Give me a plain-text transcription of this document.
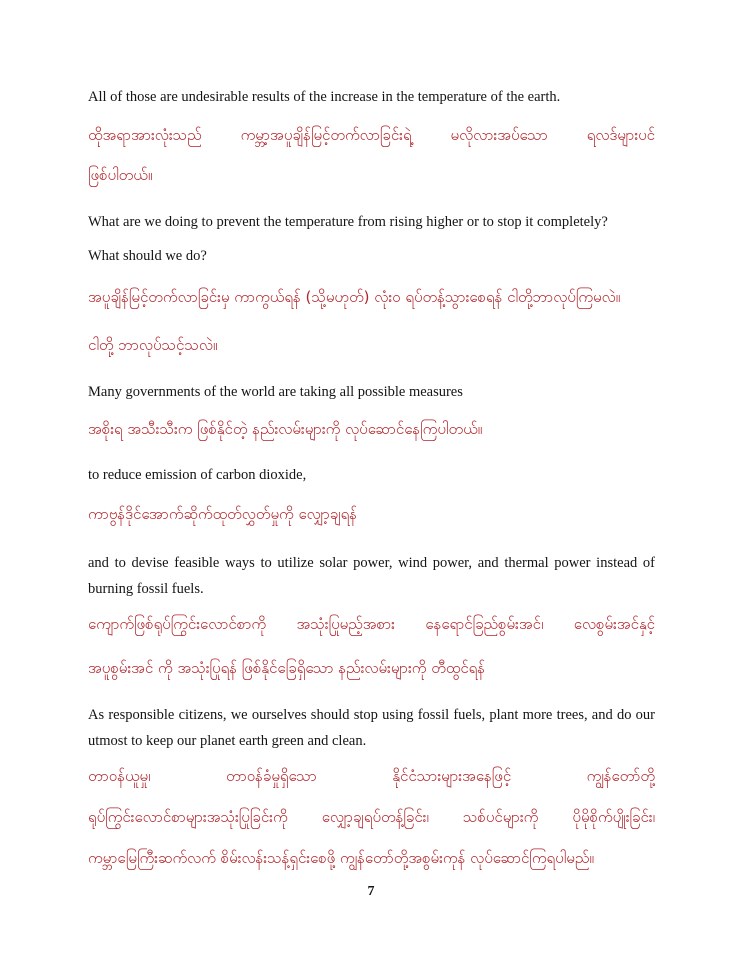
All of those are undesirable results of the increase in the temperature of the earth.

ထိုအရာအားလုံးသည် ကမ္ဘာ့အပူချိန်မြင့်တက်လာခြင်းရဲ့ မလိုလားအပ်သော ရလဒ်များပင်

ဖြစ်ပါတယ်။

What are we doing to prevent the temperature from rising higher or to stop it completely?

What should we do?

အပူချိန်မြင့်တက်လာခြင်းမှ ကာကွယ်ရန် (သို့မဟုတ်) လုံးဝ ရပ်တန့်သွားစေရန် ငါတို့ဘာလုပ်ကြမလဲ။

ငါတို့ ဘာလုပ်သင့်သလဲ။

Many governments of the world are taking all possible measures

အစိုးရ အသီးသီးက ဖြစ်နိုင်တဲ့ နည်းလမ်းများကို လုပ်ဆောင်နေကြပါတယ်။

to reduce emission of carbon dioxide,

ကာဗွန်ဒိုင်အောက်ဆိုက်ထုတ်လွှတ်မှုကို လျှော့ချရန်

and to devise feasible ways to utilize solar power, wind power, and thermal power instead of burning fossil fuels.

ကျောက်ဖြစ်ရုပ်ကြွင်းလောင်စာကို အသုံးပြုမည့်အစား နေရောင်ခြည်စွမ်းအင်၊ လေစွမ်းအင်နှင့်

အပူစွမ်းအင် ကို အသုံးပြုရန် ဖြစ်နိုင်ခြေရှိသော နည်းလမ်းများကို တီထွင်ရန်

As responsible citizens, we ourselves should stop using fossil fuels, plant more trees, and do our utmost to keep our planet earth green and clean.

တာဝန်ယူမှု၊ တာဝန်ခံမှုရှိသော နိုင်ငံသားများအနေဖြင့် ကျွန်တော်တို့

ရုပ်ကြွင်းလောင်စာများအသုံးပြုခြင်းကို လျှော့ချရပ်တန့်ခြင်း၊ သစ်ပင်များကို ပိုမိုစိုက်ပျိုးခြင်း၊

ကမ္ဘာမြေကြီးဆက်လက် စိမ်းလန်းသန့်ရှင်းစေဖို့ ကျွန်တော်တို့အစွမ်းကုန် လုပ်ဆောင်ကြရပါမည်။

7
